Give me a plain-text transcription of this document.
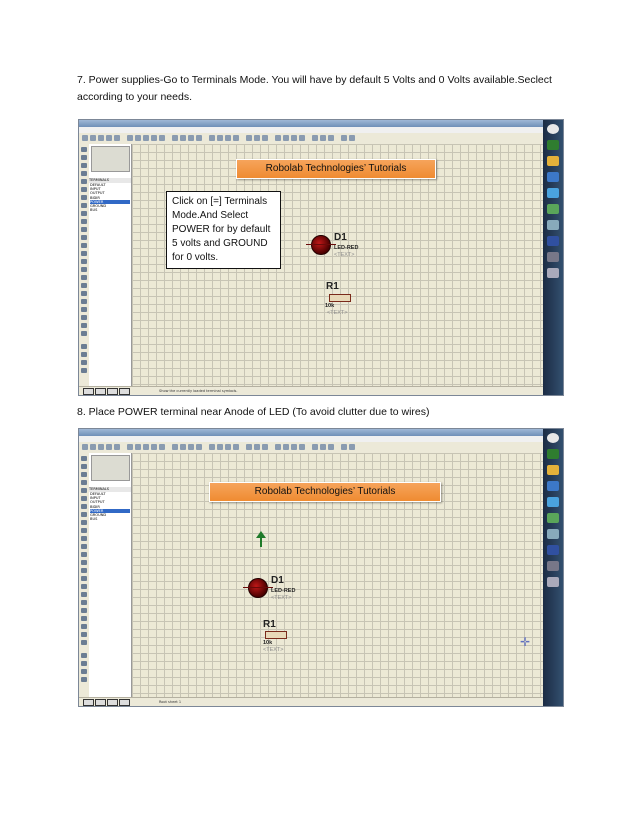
7. Power supplies-Go to Terminals Mode. You will have by default 5 Volts and 0 Volts available.Seclect according to your needs.
TERMINALS
DEFAULT
INPUT
OUTPUT
BIDIR
POWER
GROUND
BUS
D1
LED-RED
<TEXT>
R1
10k
<TEXT>
Show the currently loaded terminal symbols.
Robolab Technologies’ Tutorials
Click on [=] Terminals Mode.And Select POWER for by default 5 volts and GROUND for 0 volts.
8. Place POWER terminal near Anode of LED (To avoid clutter due to wires)
TERMINALS
DEFAULT
INPUT
OUTPUT
BIDIR
POWER
GROUND
BUS
D1
LED-RED
<TEXT>
R1
10k
<TEXT>
✛
Root sheet 1
Robolab Technologies’ Tutorials
